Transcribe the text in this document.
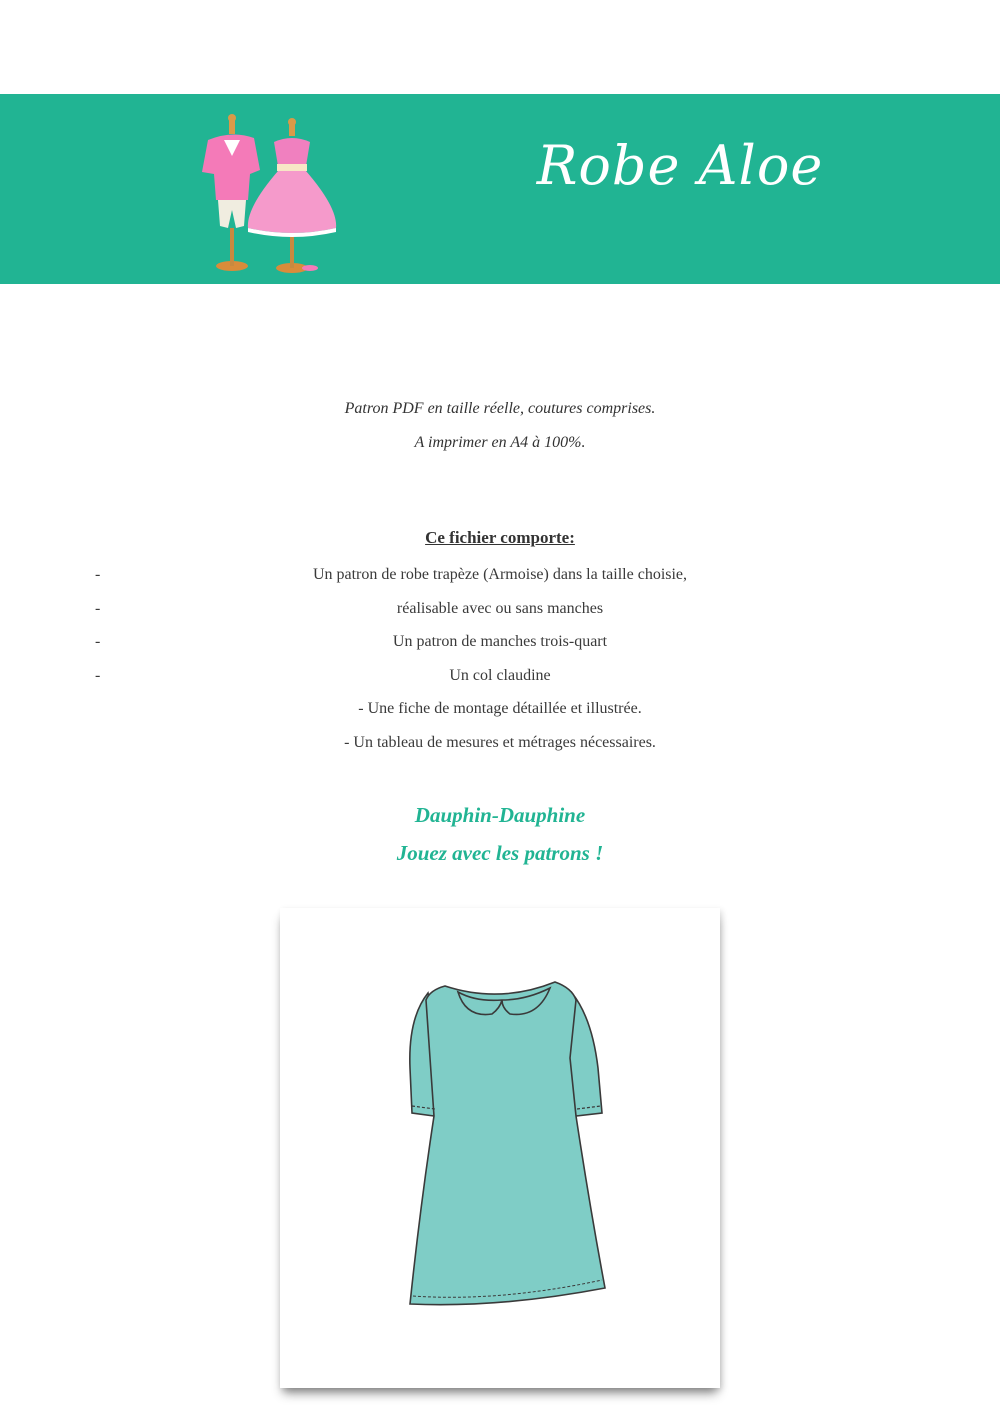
Robe Aloe

Patron PDF en taille réelle, coutures comprises.

A imprimer en A4 à 100%.

Ce fichier comporte:

-	Un patron de robe trapèze (Armoise) dans la taille choisie,
-	réalisable avec ou sans manches
-	Un patron de manches trois-quart
-	Un col claudine
- Une fiche de montage détaillée et illustrée.
- Un tableau de mesures et métrages nécessaires.

Dauphin-Dauphine

Jouez avec les patrons !
